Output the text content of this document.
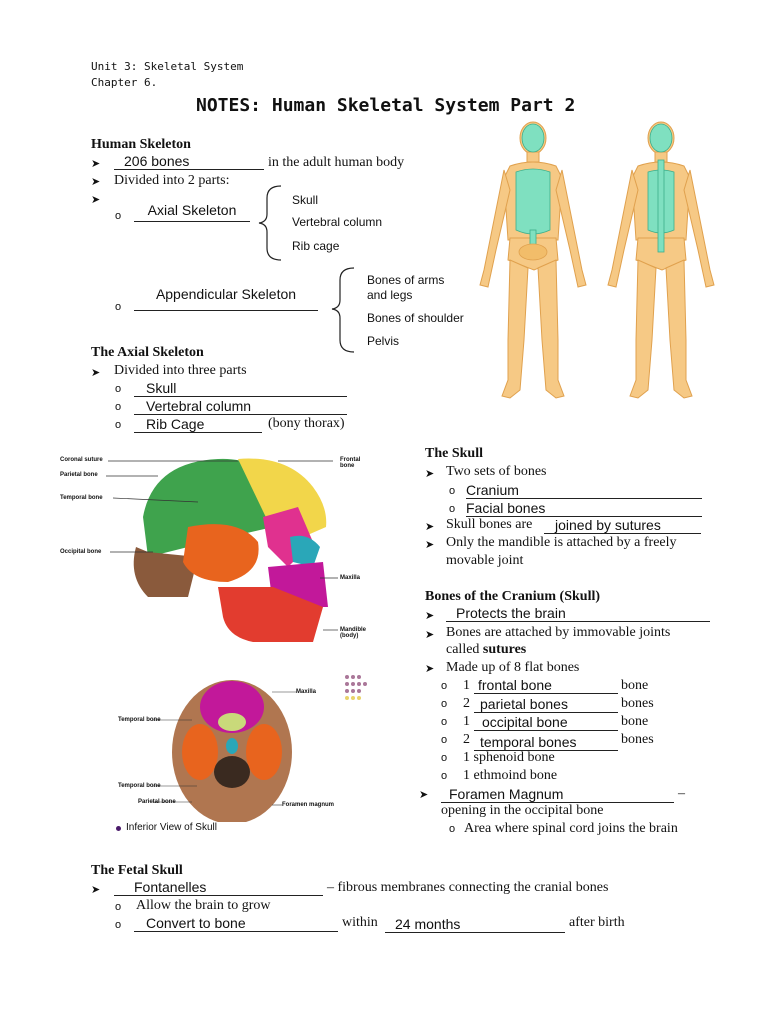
Unit 3: Skeletal System
Chapter 6.
NOTES: Human Skeletal System Part 2
Human Skeleton
➤	206 bones	in the adult human body
➤ Divided into 2 parts:
➤
o	Axial Skeleton
Skull
Vertebral column
Rib cage
o
Appendicular Skeleton
Bones of arms
and legs
Bones of shoulder
Pelvis
The Axial Skeleton
➤ Divided into three parts
o	Skull
o	Vertebral column
o	Rib Cage	(bony thorax)
Coronal suture
Parietal bone
Temporal bone
Occipital bone
Frontal bone
Maxilla
Mandible (body)
Maxilla
Temporal bone
Temporal bone
Parietal bone	Foramen magnum
Inferior View of Skull
The Skull
➤ Two sets of bones
o Cranium
o Facial bones
➤ Skull bones are	joined by sutures
➤ Only the mandible is attached by a freely
movable joint
Bones of the Cranium (Skull)
➤	Protects the brain
➤ Bones are attached by immovable joints
called sutures
➤ Made up of 8 flat bones
o 1 frontal bone	bone
o 2 parietal bones	bones
o 1 occipital bone	bone
o 2 temporal bones	bones
o 1 sphenoid bone
o 1 ethmoind bone
➤	Foramen Magnum	–
opening in the occipital bone
o Area where spinal cord joins the brain
The Fetal Skull
➤	Fontanelles	– fibrous membranes connecting the cranial bones
o Allow the brain to grow
o	Convert to bone	within	24 months	after birth
